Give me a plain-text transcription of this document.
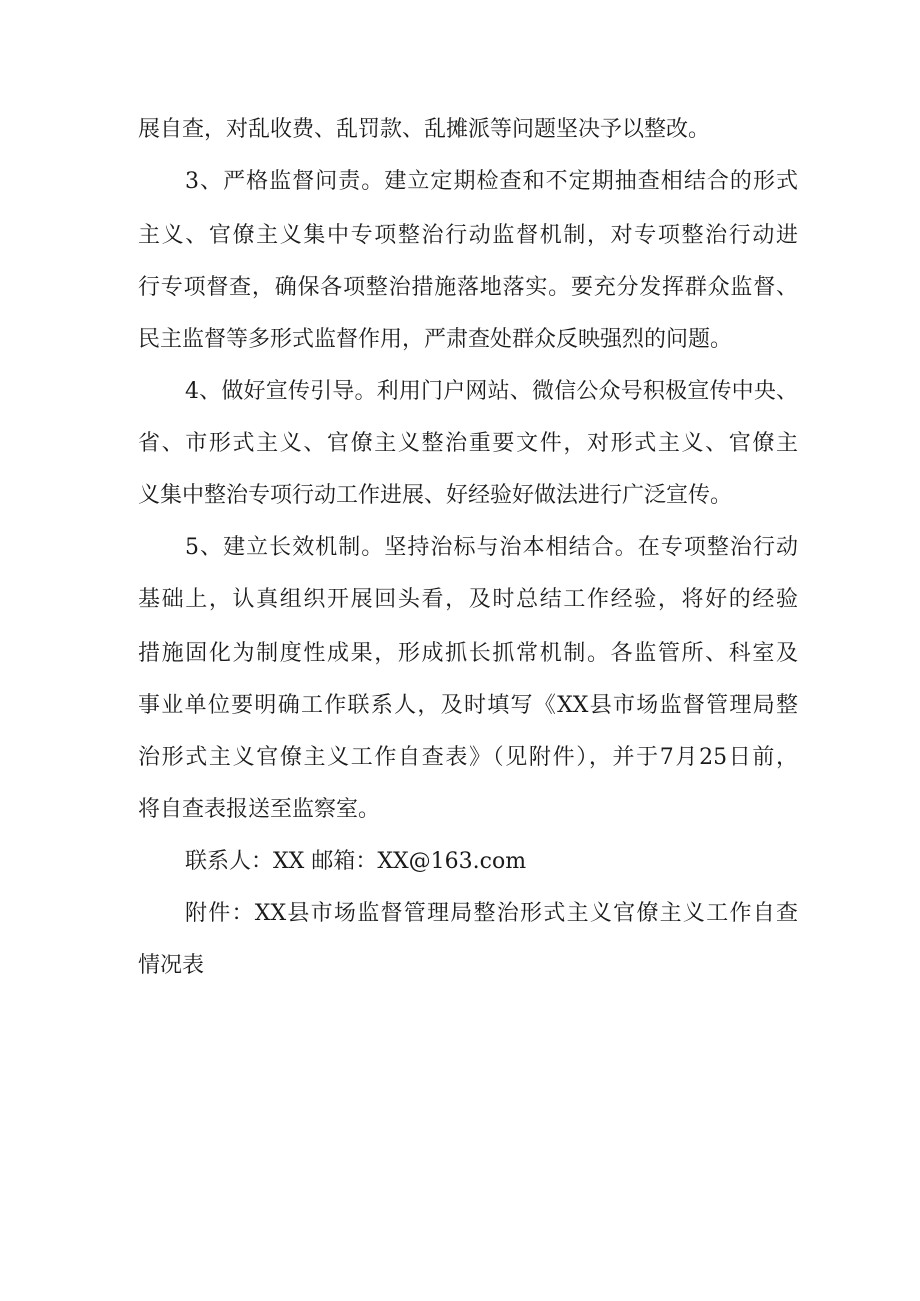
展自查，对乱收费、乱罚款、乱摊派等问题坚决予以整改。
3、严格监督问责。建立定期检查和不定期抽查相结合的形式
主义、官僚主义集中专项整治行动监督机制，对专项整治行动进
行专项督查，确保各项整治措施落地落实。要充分发挥群众监督、
民主监督等多形式监督作用，严肃查处群众反映强烈的问题。
4、做好宣传引导。利用门户网站、微信公众号积极宣传中央、
省、市形式主义、官僚主义整治重要文件，对形式主义、官僚主
义集中整治专项行动工作进展、好经验好做法进行广泛宣传。
5、建立长效机制。坚持治标与治本相结合。在专项整治行动
基础上，认真组织开展回头看，及时总结工作经验，将好的经验
措施固化为制度性成果，形成抓长抓常机制。各监管所、科室及
事业单位要明确工作联系人，及时填写《XX县市场监督管理局整
治形式主义官僚主义工作自查表》（见附件），并于7月25日前，
将自查表报送至监察室。
联系人：XX 邮箱：XX@163.com
附件：XX县市场监督管理局整治形式主义官僚主义工作自查
情况表
